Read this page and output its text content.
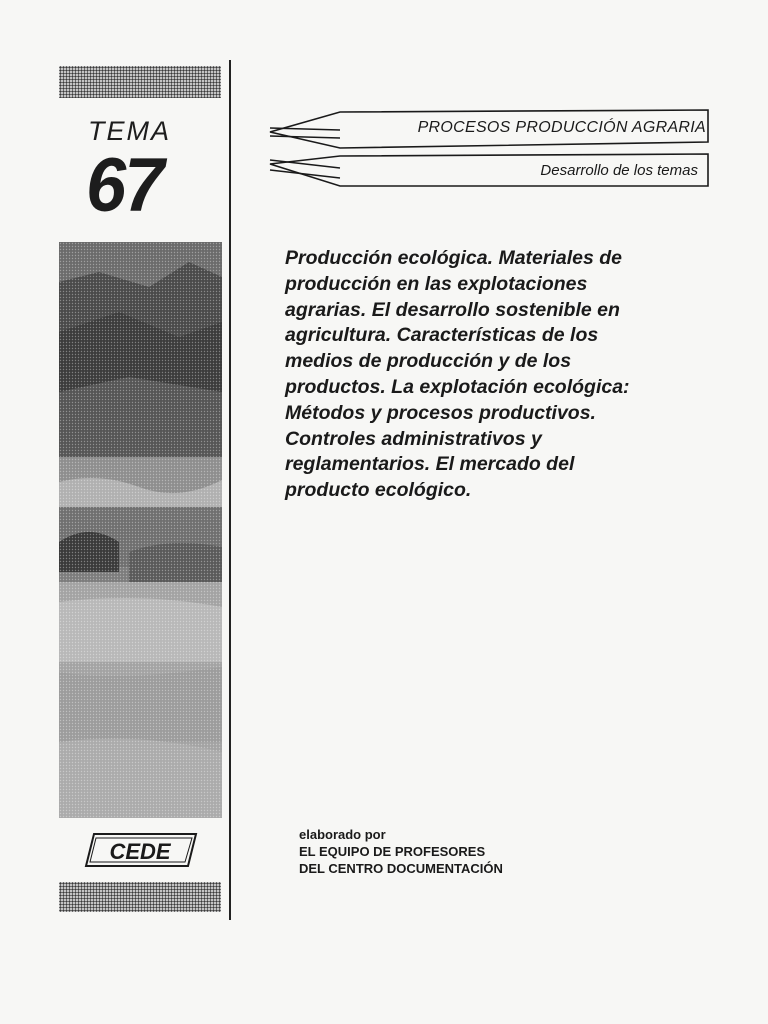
TEMA
67
PROCESOS PRODUCCIÓN AGRARIA
Desarrollo de los temas
Producción ecológica. Materiales de
producción en las explotaciones
agrarias. El desarrollo sostenible en
agricultura. Características de los
medios de producción y de los
productos. La explotación ecológica:
Métodos y procesos productivos.
Controles administrativos y
reglamentarios. El mercado del
producto ecológico.
CEDE
elaborado por
EL EQUIPO DE PROFESORES
DEL CENTRO DOCUMENTACIÓN
